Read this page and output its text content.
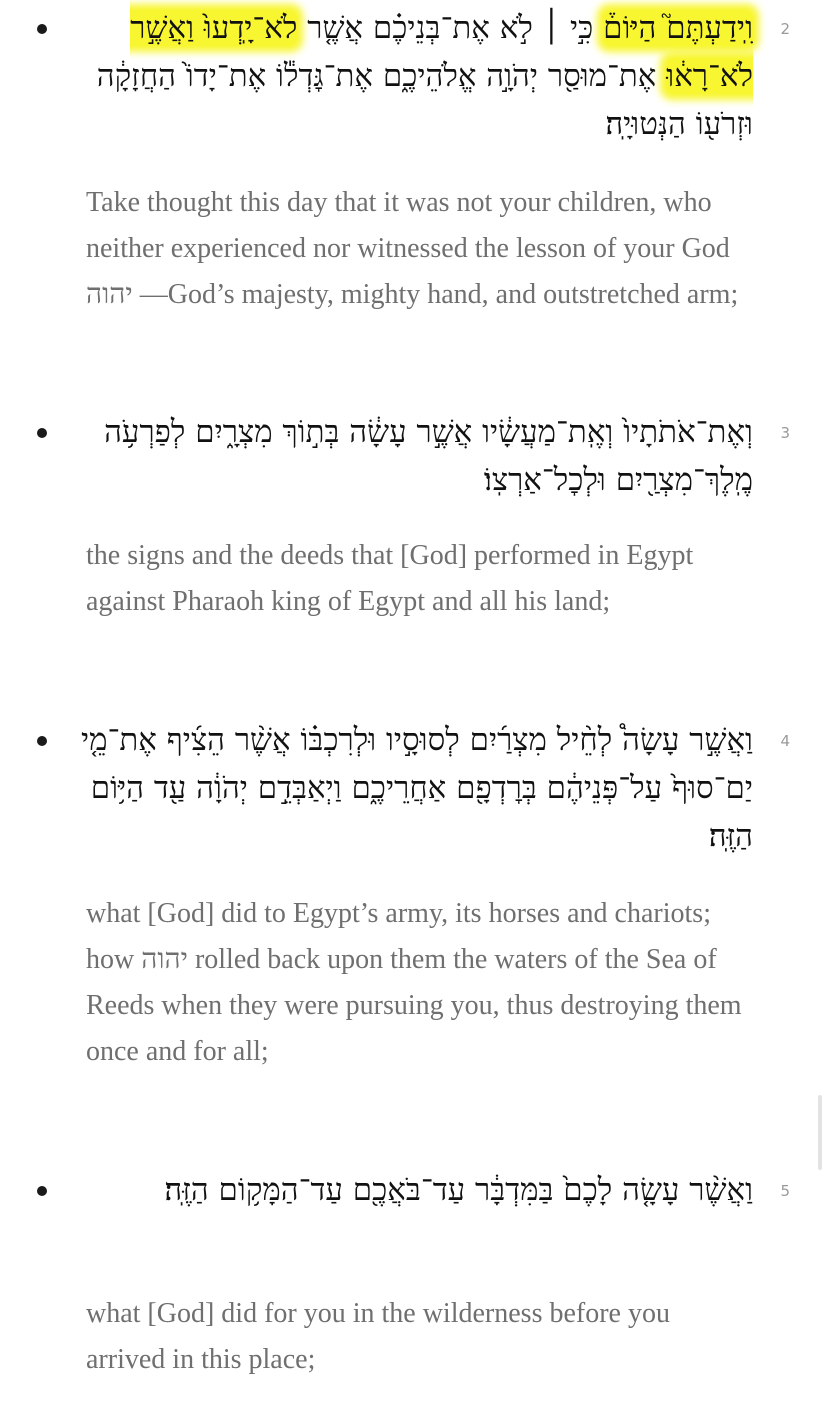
2

וִֽידַעְתֶּם֮ הַיּוֹם֒ כִּ֣י ׀ לֹ֣א אֶת־בְּנֵיכֶ֗ם אֲשֶׁ֤ר לֹא־יָֽדְעוּ֙ וַאֲשֶׁ֣ר לֹא־רָא֔וּ אֶת־מוּסַ֖ר יְהֹוָ֣ה אֱלֹהֵיכֶ֑ם אֶת־גׇּדְל֕וֹ אֶת־יָדוֹ֙ הַחֲזָקָ֔ה וּזְרֹע֖וֹ הַנְּטוּיָֽה׃

Take thought this day that it was not your children, who neither experienced nor witnessed the lesson of your God יהוה —God’s majesty, mighty hand, and outstretched arm;

3

וְאֶת־אֹתֹתָיו֙ וְאֶֽת־מַעֲשָׂ֔יו אֲשֶׁ֣ר עָשָׂ֔ה בְּת֣וֹךְ מִצְרָ֑יִם לְפַרְעֹ֥ה מֶֽלֶךְ־מִצְרַ֖יִם וּלְכׇל־אַרְצֽוֹ׃

the signs and the deeds that [God] performed in Egypt against Pharaoh king of Egypt and all his land;

4

וַאֲשֶׁ֣ר עָשָׂה֩ לְחֵ֨יל מִצְרַ֜יִם לְסוּסָ֣יו וּלְרִכְבּ֗וֹ אֲשֶׁ֨ר הֵצִ֜יף אֶת־מֵ֤י יַם־סוּף֙ עַל־פְּנֵיהֶ֔ם בְּרׇדְפָ֖ם אַחֲרֵיכֶ֑ם וַיְאַבְּדֵ֣ם יְהֹוָ֔ה עַ֖ד הַיּ֥וֹם הַזֶּֽה׃

what [God] did to Egypt’s army, its horses and chariots; how יהוה rolled back upon them the waters of the Sea of Reeds when they were pursuing you, thus destroying them once and for all;

5

וַאֲשֶׁ֨ר עָשָׂ֤ה לָכֶם֙ בַּמִּדְבָּ֔ר עַד־בֹּאֲכֶ֖ם עַד־הַמָּק֥וֹם הַזֶּֽה׃

what [God] did for you in the wilderness before you arrived in this place;
